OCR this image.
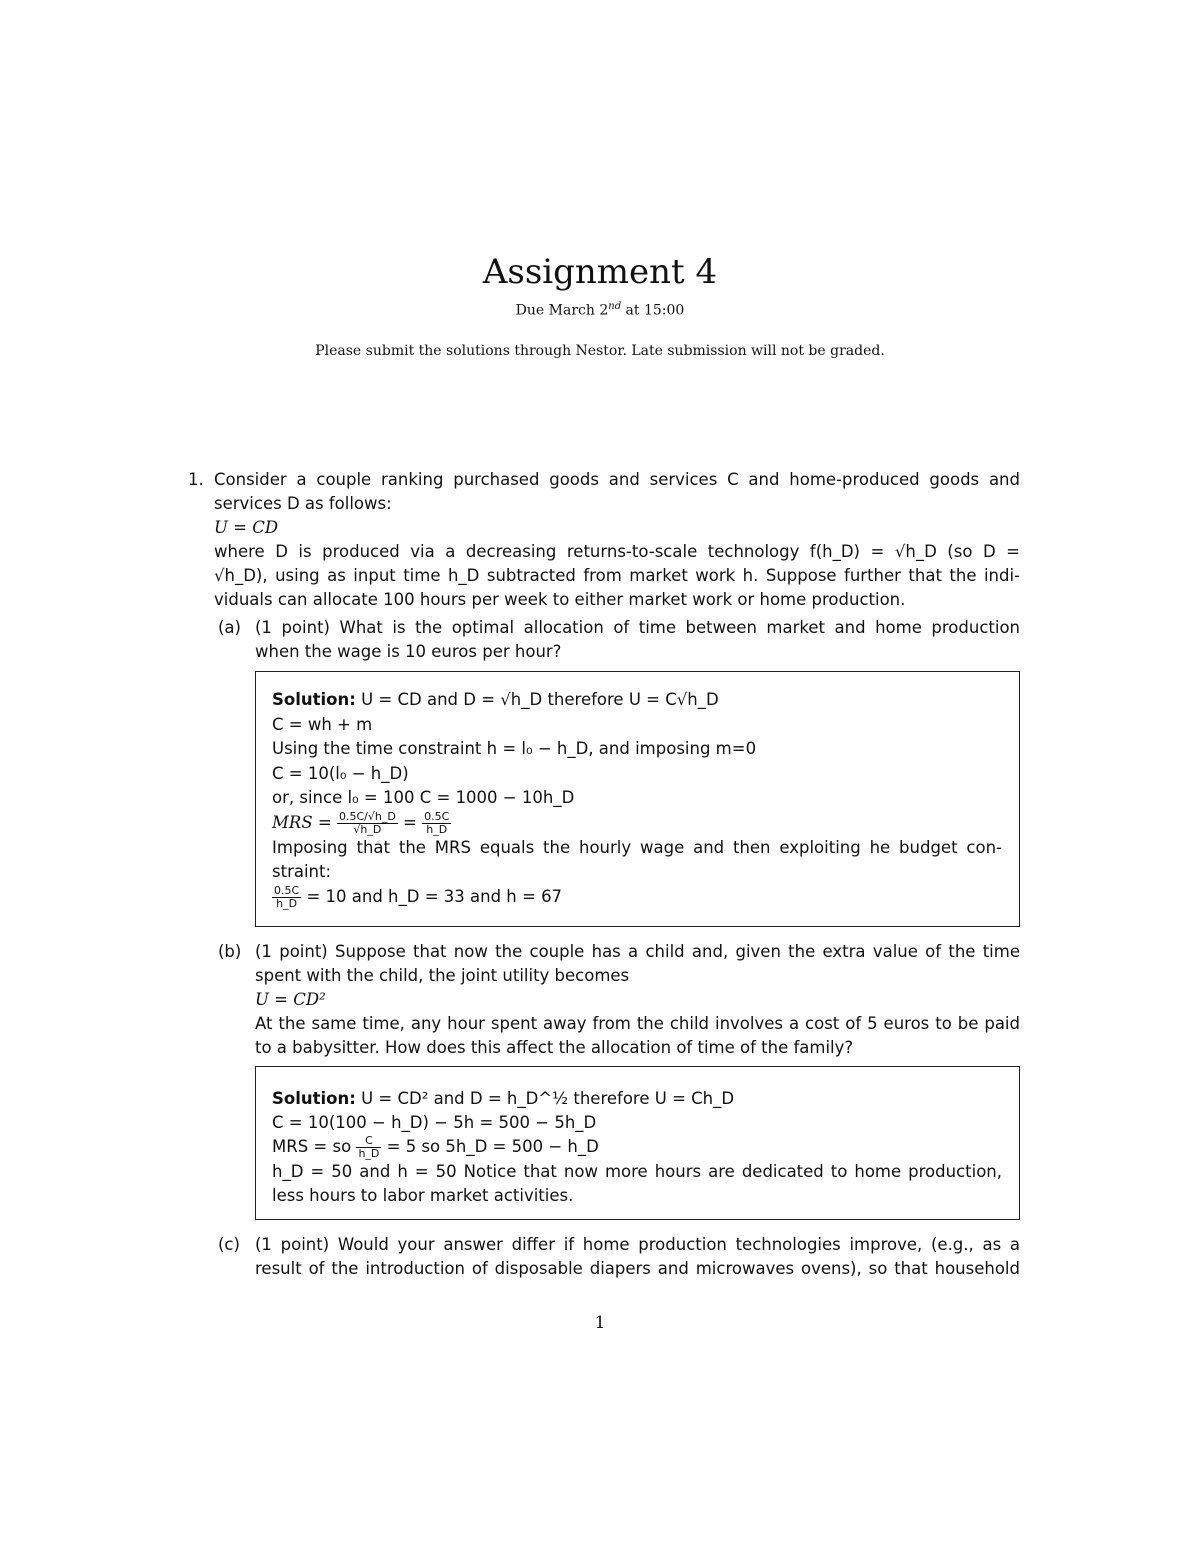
Assignment 4
Due March 2nd at 15:00
Please submit the solutions through Nestor. Late submission will not be graded.
1. Consider a couple ranking purchased goods and services C and home-produced goods and
services D as follows:
U = CD
where D is produced via a decreasing returns-to-scale technology f(h_D) = √h_D (so D =
√h_D), using as input time h_D subtracted from market work h. Suppose further that the indi-
viduals can allocate 100 hours per week to either market work or home production.
(a) (1 point) What is the optimal allocation of time between market and home production
when the wage is 10 euros per hour?
Solution: U = CD and D = √h_D therefore U = C√h_D
C = wh + m
Using the time constraint h = l₀ − h_D, and imposing m=0
C = 10(l₀ − h_D)
or, since l₀ = 100 C = 1000 − 10h_D
MRS = $\frac{0.5C/√h\_D}{√h\_D} = \frac{0.5C}{h\_D}$
Imposing that the MRS equals the hourly wage and then exploiting he budget con-
straint:
$\frac{0.5C}{h\_D} = 10$ and h_D = 33 and h = 67
(b) (1 point) Suppose that now the couple has a child and, given the extra value of the time
spent with the child, the joint utility becomes
U = CD²
At the same time, any hour spent away from the child involves a cost of 5 euros to be paid
to a babysitter. How does this affect the allocation of time of the family?
Solution: U = CD² and D = h_D^½ therefore U = Ch_D
C = 10(100 − h_D) − 5h = 500 − 5h_D
MRS = so $\frac{C}{h\_D} = 5$ so 5h_D = 500 − h_D
h_D = 50 and h = 50 Notice that now more hours are dedicated to home production,
less hours to labor market activities.
(c) (1 point) Would your answer differ if home production technologies improve, (e.g., as a
result of the introduction of disposable diapers and microwaves ovens), so that household
1
